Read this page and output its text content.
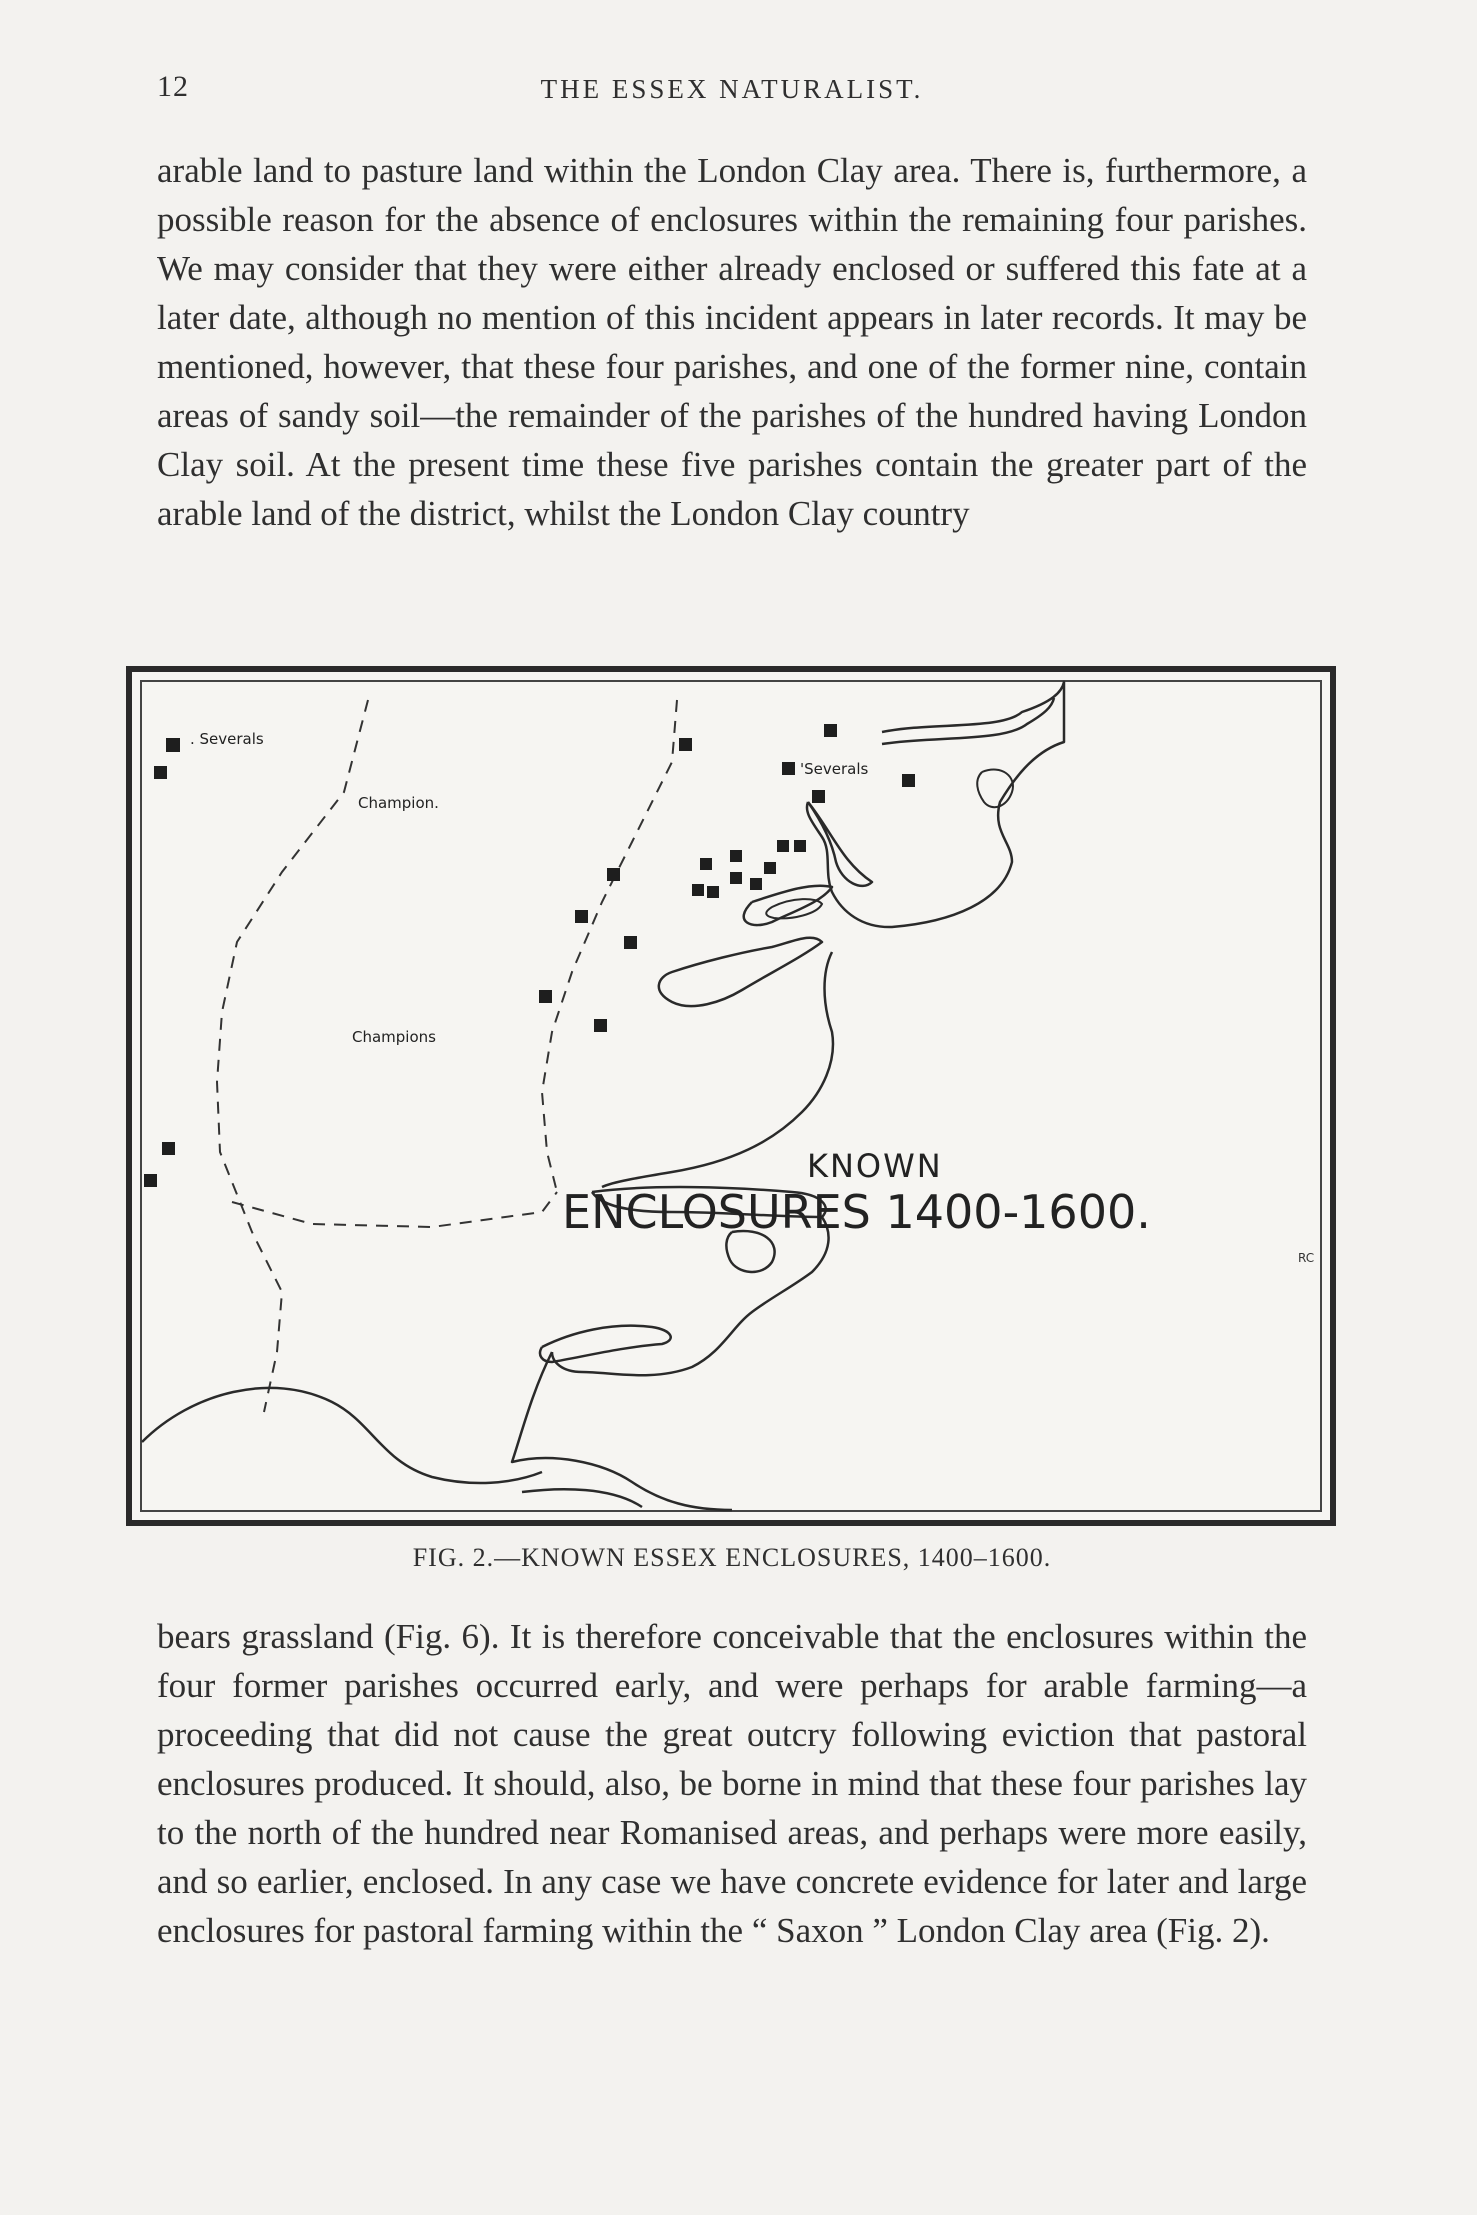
12	THE ESSEX NATURALIST.

arable land to pasture land within the London Clay area. There is, furthermore, a possible reason for the absence of enclosures within the remaining four parishes. We may consider that they were either already enclosed or suffered this fate at a later date, although no mention of this incident appears in later records. It may be mentioned, however, that these four parishes, and one of the former nine, contain areas of sandy soil—the remainder of the parishes of the hundred having London Clay soil. At the present time these five parishes contain the greater part of the arable land of the district, whilst the London Clay country

. Severals
'Severals
Champion.
Champions
KNOWN
ENCLOSURES 1400-1600.
RC
FIG. 2.—KNOWN ESSEX ENCLOSURES, 1400–1600.

bears grassland (Fig. 6). It is therefore conceivable that the enclosures within the four former parishes occurred early, and were perhaps for arable farming—a proceeding that did not cause the great outcry following eviction that pastoral enclosures produced. It should, also, be borne in mind that these four parishes lay to the north of the hundred near Romanised areas, and perhaps were more easily, and so earlier, enclosed. In any case we have concrete evidence for later and large enclosures for pastoral farming within the “ Saxon ” London Clay area (Fig. 2).
